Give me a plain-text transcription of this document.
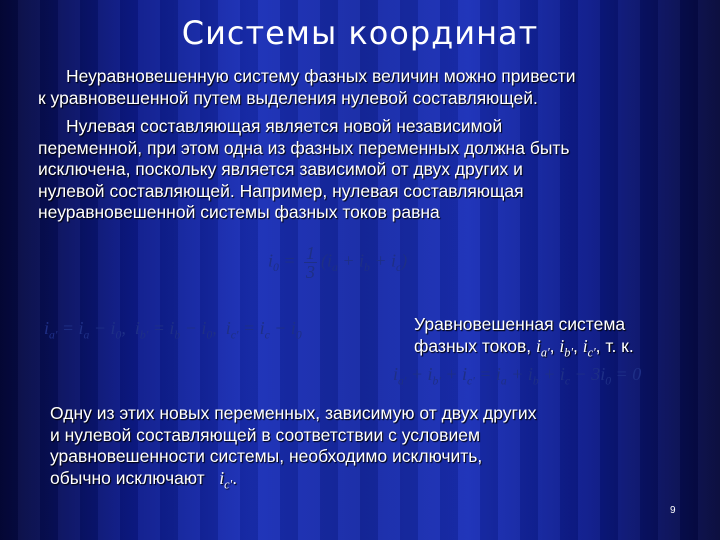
Системы координат
Неуравновешенную систему фазных величин можно привести
к уравновешенной путем выделения нулевой составляющей.
Нулевая составляющая является новой независимой
переменной, при этом одна из фазных переменных должна быть
исключена, поскольку является зависимой от двух других и
нулевой составляющей. Например, нулевая составляющая
неуравновешенной системы фазных токов равна
$i_0 = \frac{1}{3} (i_a + i_b + i_c)$
$i_{a'} = i_a - i_0$,  $i_{b'} = i_b - i_0$,  $i_{c'} = i_c - i_0$
$i_{a'} + i_{b'} + i_{c'} = i_a + i_b + i_c - 3i_0 = 0$
Уравновешенная система
фазных токов, $i_{a'}$, $i_{b'}$, $i_{c'}$, т. к.
Одну из этих новых переменных, зависимую от двух других
и нулевой составляющей в соответствии с условием
уравновешенности системы, необходимо исключить,
обычно исключают   $i_{c'}$.
9
